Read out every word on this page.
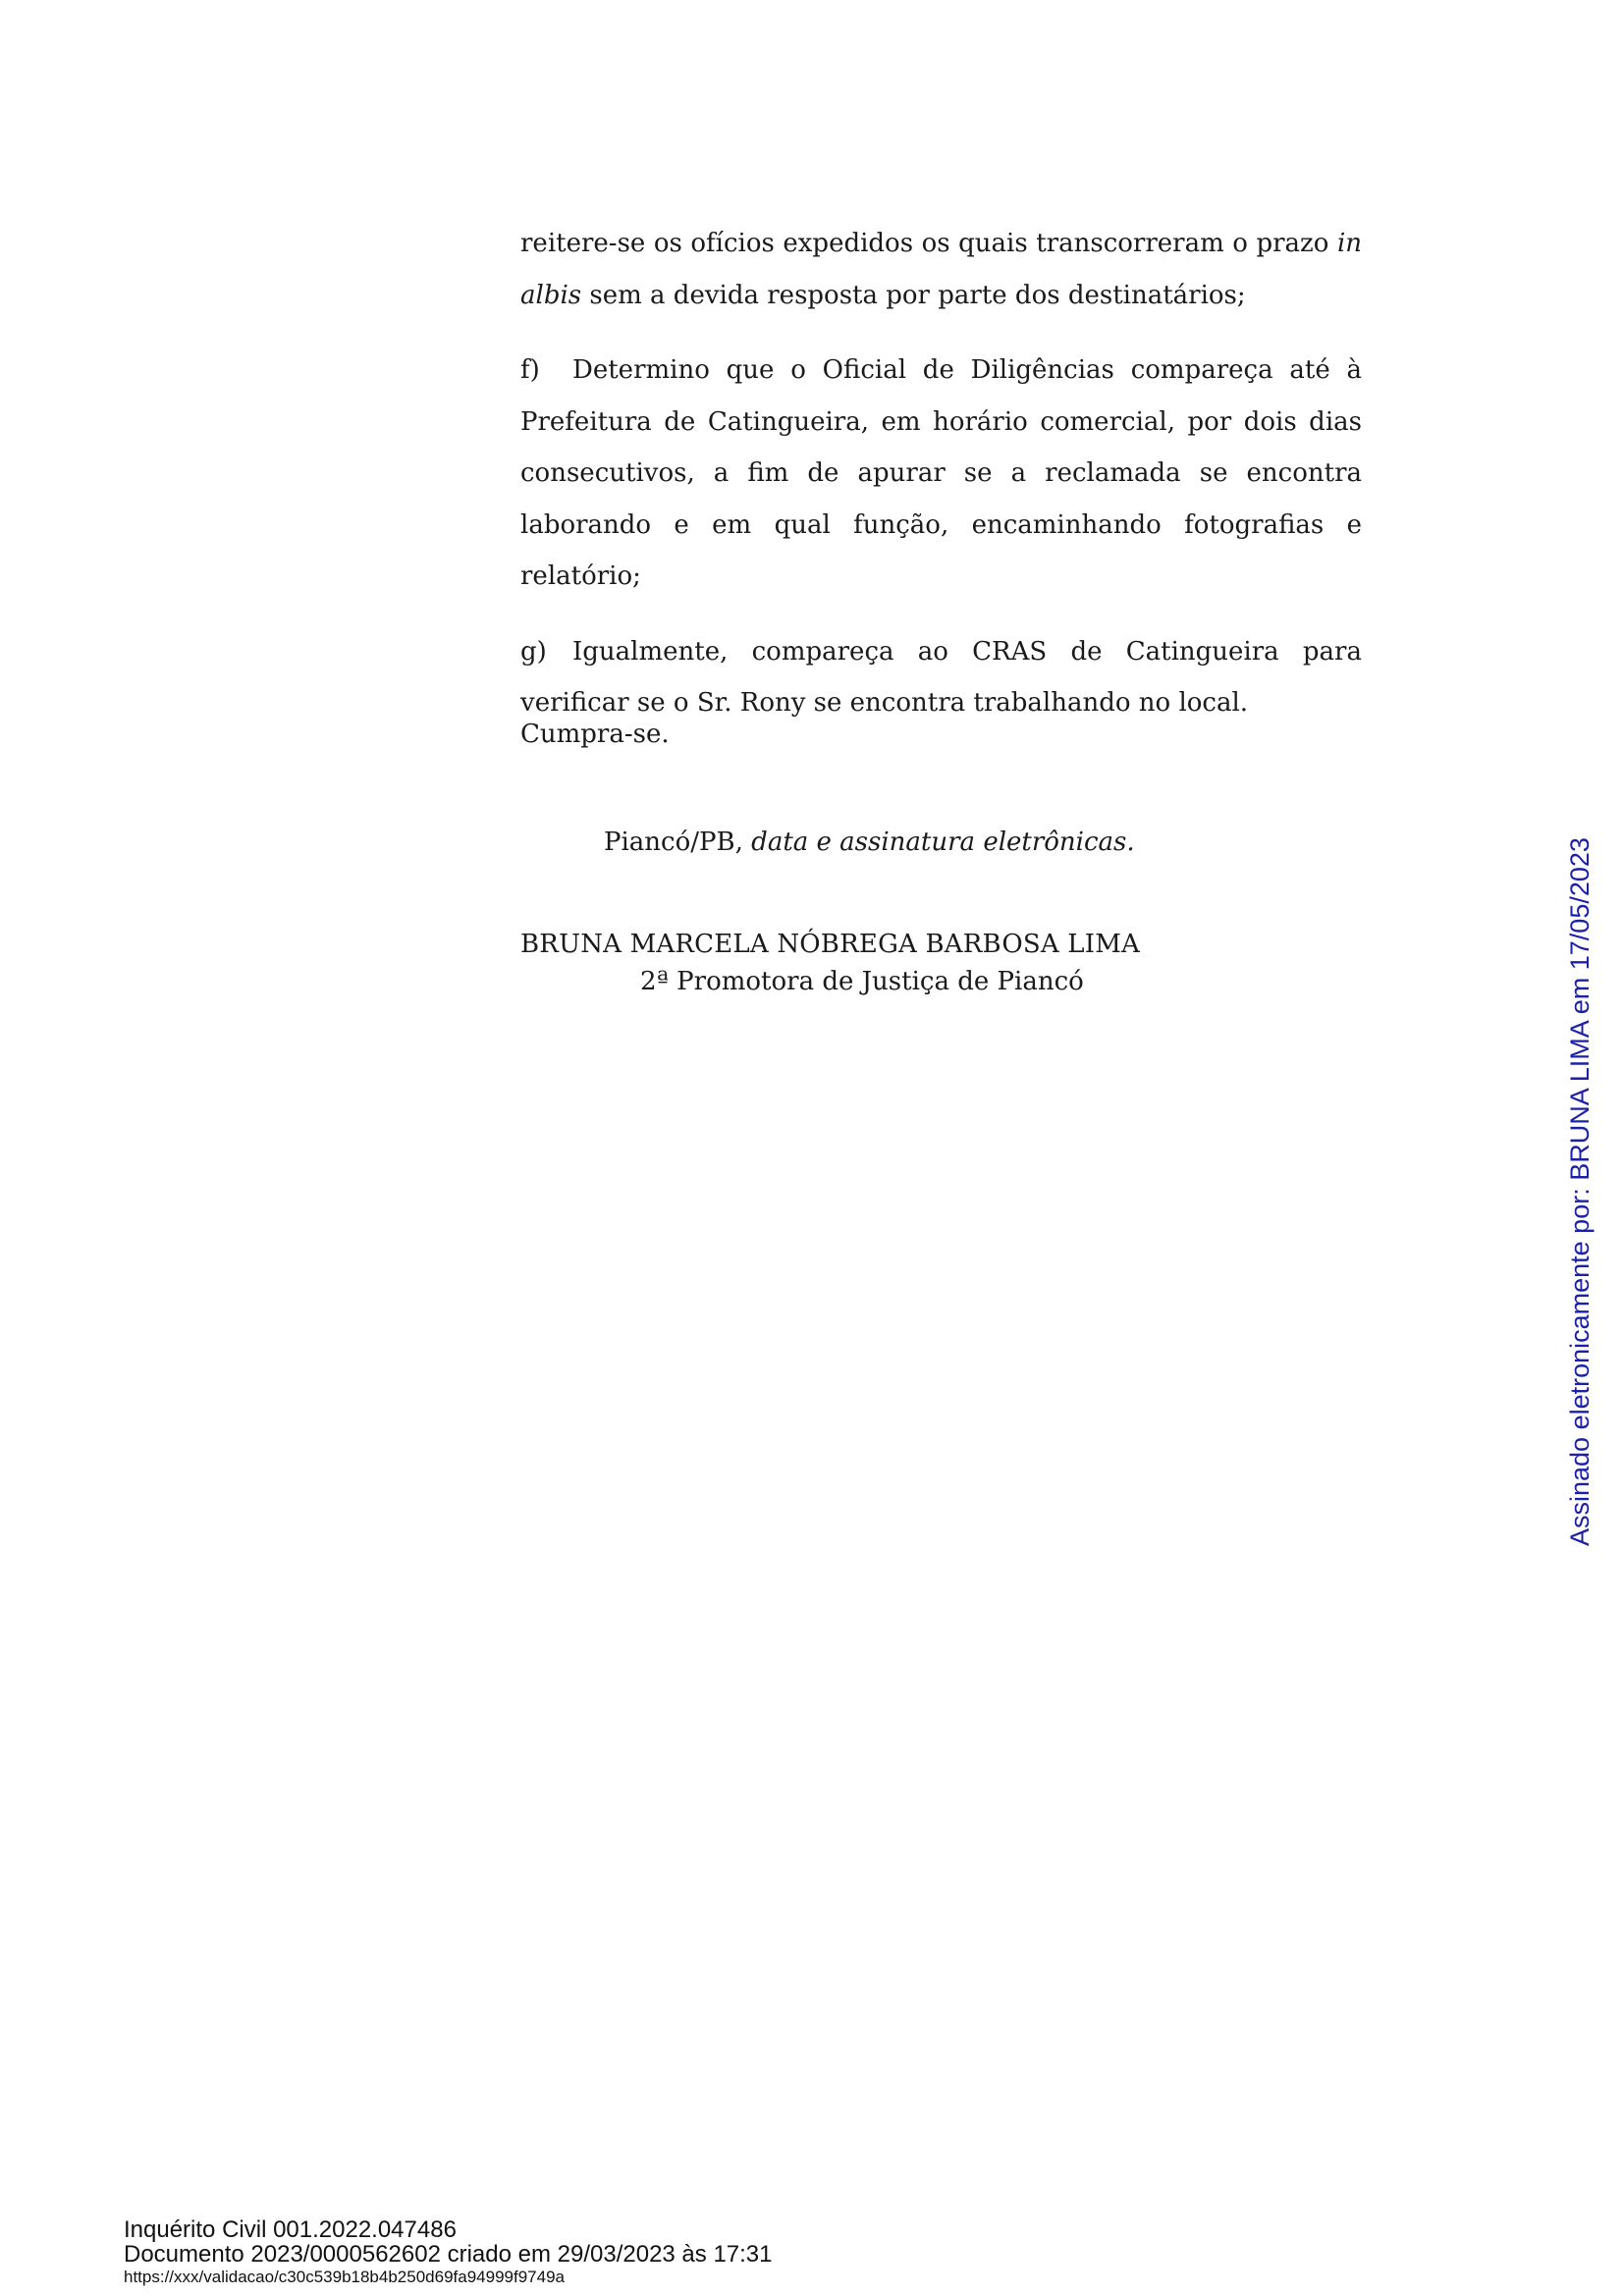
reitere-se os ofícios expedidos os quais transcorreram o prazo in albis sem a devida resposta por parte dos destinatários;

f) Determino que o Oficial de Diligências compareça até à Prefeitura de Catingueira, em horário comercial, por dois dias consecutivos, a fim de apurar se a reclamada se encontra laborando e em qual função, encaminhando fotografias e relatório;

g) Igualmente, compareça ao CRAS de Catingueira para verificar se o Sr. Rony se encontra trabalhando no local.

Cumpra-se.
Piancó/PB, data e assinatura eletrônicas.
BRUNA MARCELA NÓBREGA BARBOSA LIMA
2ª Promotora de Justiça de Piancó	Assinado eletronicamente por: BRUNA LIMA em 17/05/2023
Inquérito Civil 001.2022.047486
Documento 2023/0000562602 criado em 29/03/2023 às 17:31
https://xxx/validacao/c30c539b18b4b250d69fa94999f9749a
